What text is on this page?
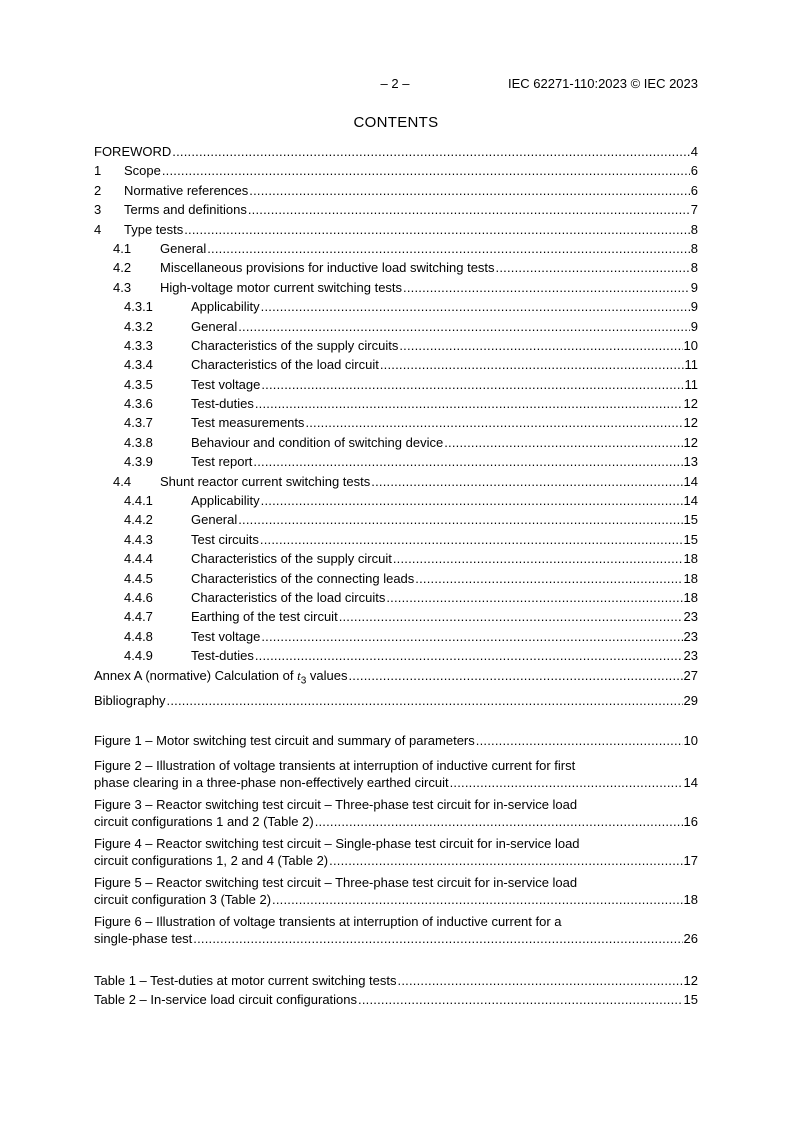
– 2 –	IEC 62271-110:2023 © IEC 2023
CONTENTS
FOREWORD .....	4
1	Scope .....	6
2	Normative references .....	6
3	Terms and definitions .....	7
4	Type tests .....	8
4.1	General .....	8
4.2	Miscellaneous provisions for inductive load switching tests .....	8
4.3	High-voltage motor current switching tests .....	9
4.3.1	Applicability .....	9
4.3.2	General .....	9
4.3.3	Characteristics of the supply circuits .....	10
4.3.4	Characteristics of the load circuit .....	11
4.3.5	Test voltage .....	11
4.3.6	Test-duties .....	12
4.3.7	Test measurements .....	12
4.3.8	Behaviour and condition of switching device .....	12
4.3.9	Test report .....	13
4.4	Shunt reactor current switching tests .....	14
4.4.1	Applicability .....	14
4.4.2	General .....	15
4.4.3	Test circuits .....	15
4.4.4	Characteristics of the supply circuit .....	18
4.4.5	Characteristics of the connecting leads .....	18
4.4.6	Characteristics of the load circuits .....	18
4.4.7	Earthing of the test circuit .....	23
4.4.8	Test voltage .....	23
4.4.9	Test-duties .....	23
Annex A (normative) Calculation of $t_3$ values .....	27
Bibliography .....	29
Figure 1 – Motor switching test circuit and summary of parameters .....	10
Figure 2 – Illustration of voltage transients at interruption of inductive current for first
phase clearing in a three-phase non-effectively earthed circuit .....	14
Figure 3 – Reactor switching test circuit – Three-phase test circuit for in-service load
circuit configurations 1 and 2 (Table 2) .....	16
Figure 4 – Reactor switching test circuit – Single-phase test circuit for in-service load
circuit configurations 1, 2 and 4 (Table 2) .....	17
Figure 5 – Reactor switching test circuit – Three-phase test circuit for in-service load
circuit configuration 3 (Table 2) .....	18
Figure 6 – Illustration of voltage transients at interruption of inductive current for a
single-phase test .....	26
Table 1 – Test-duties at motor current switching tests .....	12
Table 2 – In-service load circuit configurations .....	15
